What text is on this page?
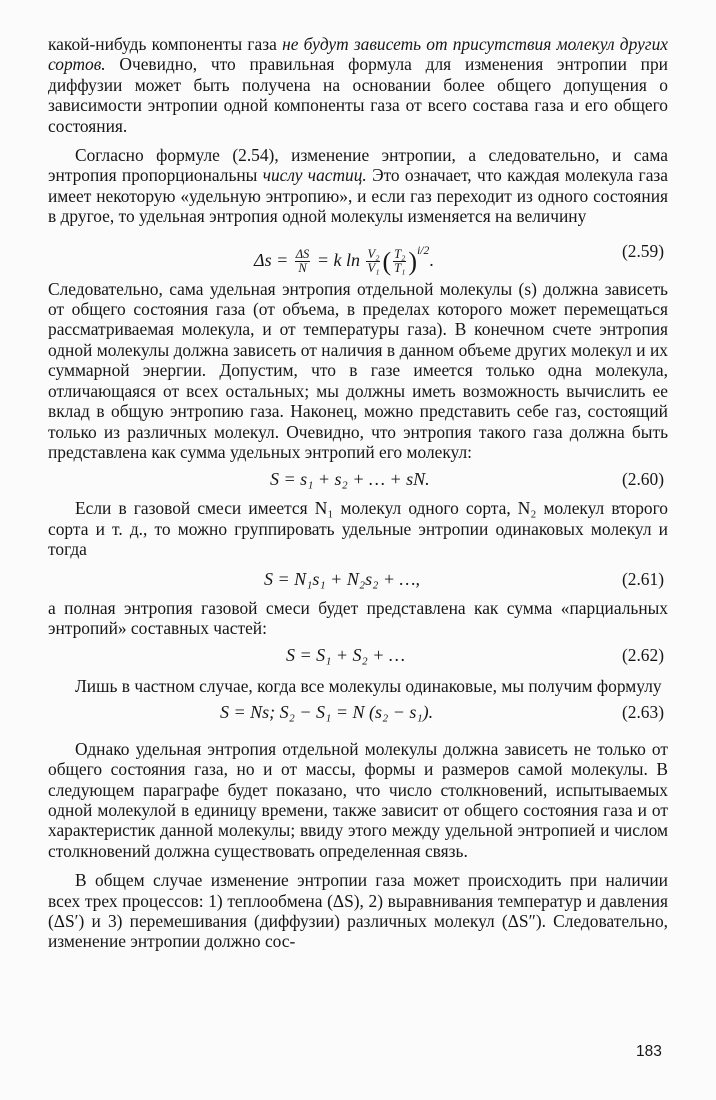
какой-нибудь компоненты газа не будут зависеть от присутствия молекул других сортов. Очевидно, что правильная формула для изменения энтропии при диффузии может быть получена на основании более общего допущения о зависимости энтропии одной компоненты газа от всего состава газа и его общего состояния.

Согласно формуле (2.54), изменение энтропии, а следовательно, и сама энтропия пропорциональны числу частиц. Это означает, что каждая молекула газа имеет некоторую «удельную энтропию», и если газ переходит из одного состояния в другое, то удельная энтропия одной молекулы изменяется на величину

$\Delta s = \frac{\Delta S}{N} = k$ $\ln \frac{\text{V₂}}{\text{V₁}}$ ( $\frac{\text{T₂}}{\text{T₁}} )^{i/2}$.	(2.59)

Следовательно, сама удельная энтропия отдельной молекулы (s) должна зависеть от общего состояния газа (от объема, в пределах которого может перемещаться рассматриваемая молекула, и от температуры газа). В конечном счете энтропия одной молекулы должна зависеть от наличия в данном объеме других молекул и их суммарной энергии. Допустим, что в газе имеется только одна молекула, отличающаяся от всех остальных; мы должны иметь возможность вычислить ее вклад в общую энтропию газа. Наконец, можно представить себе газ, состоящий только из различных молекул. Очевидно, что энтропия такого газа должна быть представлена как сумма удельных энтропий его молекул:

S = s₁ + s₂ + … + sN.	(2.60)

Если в газовой смеси имеется N₁ молекул одного сорта, N₂ молекул второго сорта и т. д., то можно группировать удельные энтропии одинаковых молекул и тогда

S = N₁s₁ + N₂s₂ + …,	(2.61)

а полная энтропия газовой смеси будет представлена как сумма «парциальных энтропий» составных частей:

S = S₁ + S₂ + …	(2.62)

Лишь в частном случае, когда все молекулы одинаковые, мы получим формулу

S = Ns; S₂ − S₁ = N (s₂ − s₁).	(2.63)

Однако удельная энтропия отдельной молекулы должна зависеть не только от общего состояния газа, но и от массы, формы и размеров самой молекулы. В следующем параграфе будет показано, что число столкновений, испытываемых одной молекулой в единицу времени, также зависит от общего состояния газа и от характеристик данной молекулы; ввиду этого между удельной энтропией и числом столкновений должна существовать определенная связь.

В общем случае изменение энтропии газа может происходить при наличии всех трех процессов: 1) теплообмена (ΔS), 2) выравнивания температур и давления (ΔS′) и 3) перемешивания (диффузии) различных молекул (ΔS″). Следовательно, изменение энтропии должно сос-

183
